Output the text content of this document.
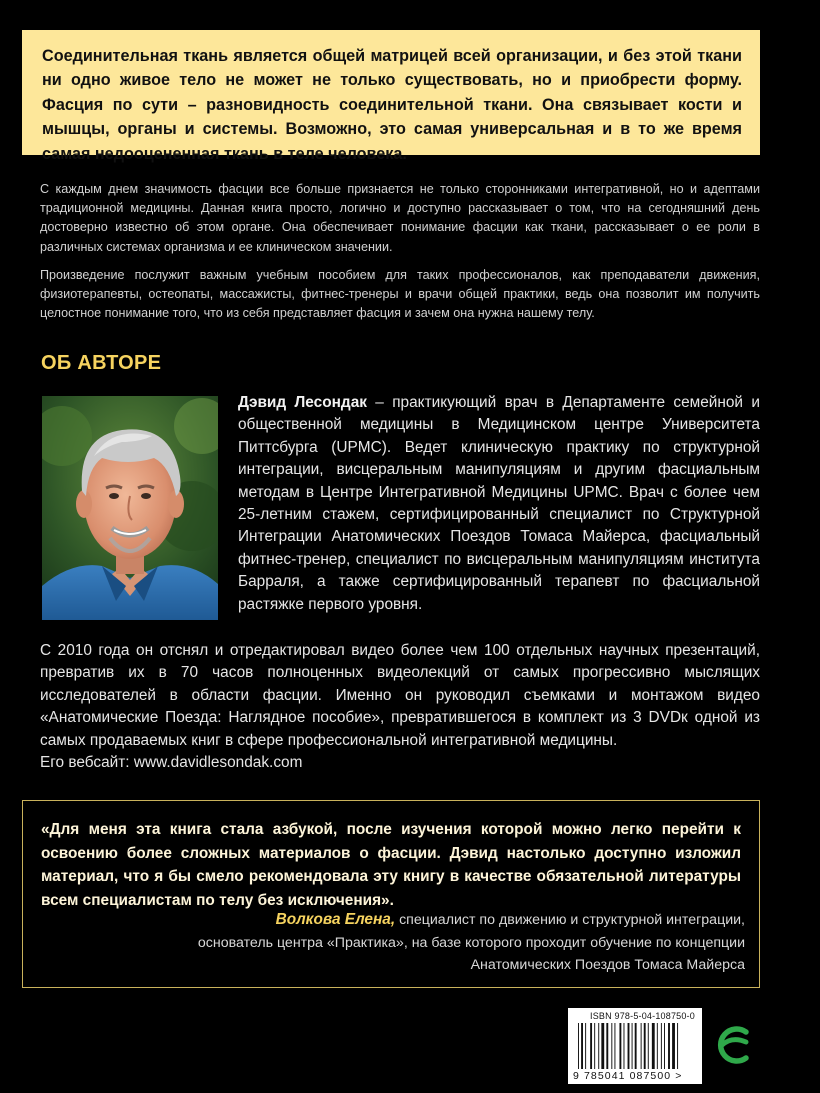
Соединительная ткань является общей матрицей всей организации, и без этой ткани ни одно живое тело не может не только существовать, но и приобрести форму. Фасция по сути – разновидность соединительной ткани. Она связывает кости и мышцы, органы и системы. Возможно, это самая универсальная и в то же время самая недооцененная ткань в теле человека.

С каждым днем значимость фасции все больше признается не только сторонниками интегративной, но и адептами традиционной медицины. Данная книга просто, логично и доступно рассказывает о том, что на сегодняшний день достоверно известно об этом органе. Она обеспечивает понимание фасции как ткани, рассказывает о ее роли в различных системах организма и ее клиническом значении.

Произведение послужит важным учебным пособием для таких профессионалов, как преподаватели движения, физиотерапевты, остеопаты, массажисты, фитнес-тренеры и врачи общей практики, ведь она позволит им получить целостное понимание того, что из себя представляет фасция и зачем она нужна нашему телу.

ОБ АВТОРЕ

Дэвид Лесондак – практикующий врач в Департаменте семейной и общественной медицины в Медицинском центре Университета Питтсбурга (UPMC). Ведет клиническую практику по структурной интеграции, висцеральным манипуляциям и другим фасциальным методам в Центре Интегративной Медицины UPMC. Врач с более чем 25-летним стажем, сертифицированный специалист по Структурной Интеграции Анатомических Поездов Томаса Майерса, фасциальный фитнес-тренер, специалист по висцеральным манипуляциям института Барраля, а также сертифицированный терапевт по фасциальной растяжке первого уровня.

С 2010 года он отснял и отредактировал видео более чем 100 отдельных научных презентаций, превратив их в 70 часов полноценных видеолекций от самых прогрессивно мыслящих исследователей в области фасции. Именно он руководил съемками и монтажом видео «Анатомические Поезда: Наглядное пособие», превратившегося в комплект из 3 DVDк одной из самых продаваемых книг в сфере профессиональной интегративной медицины.
Его вебсайт: www.davidlesondak.com

«Для меня эта книга стала азбукой, после изучения которой можно легко перейти к освоению более сложных материалов о фасции. Дэвид настолько доступно изложил материал, что я бы смело рекомендовала эту книгу в качестве обязательной литературы всем специалистам по телу без исключения».

Волкова Елена, специалист по движению и структурной интеграции,
основатель центра «Практика», на базе которого проходит обучение по концепции
Анатомических Поездов Томаса Майерса

ISBN 978-5-04-108750-0

9 785041 087500 >
